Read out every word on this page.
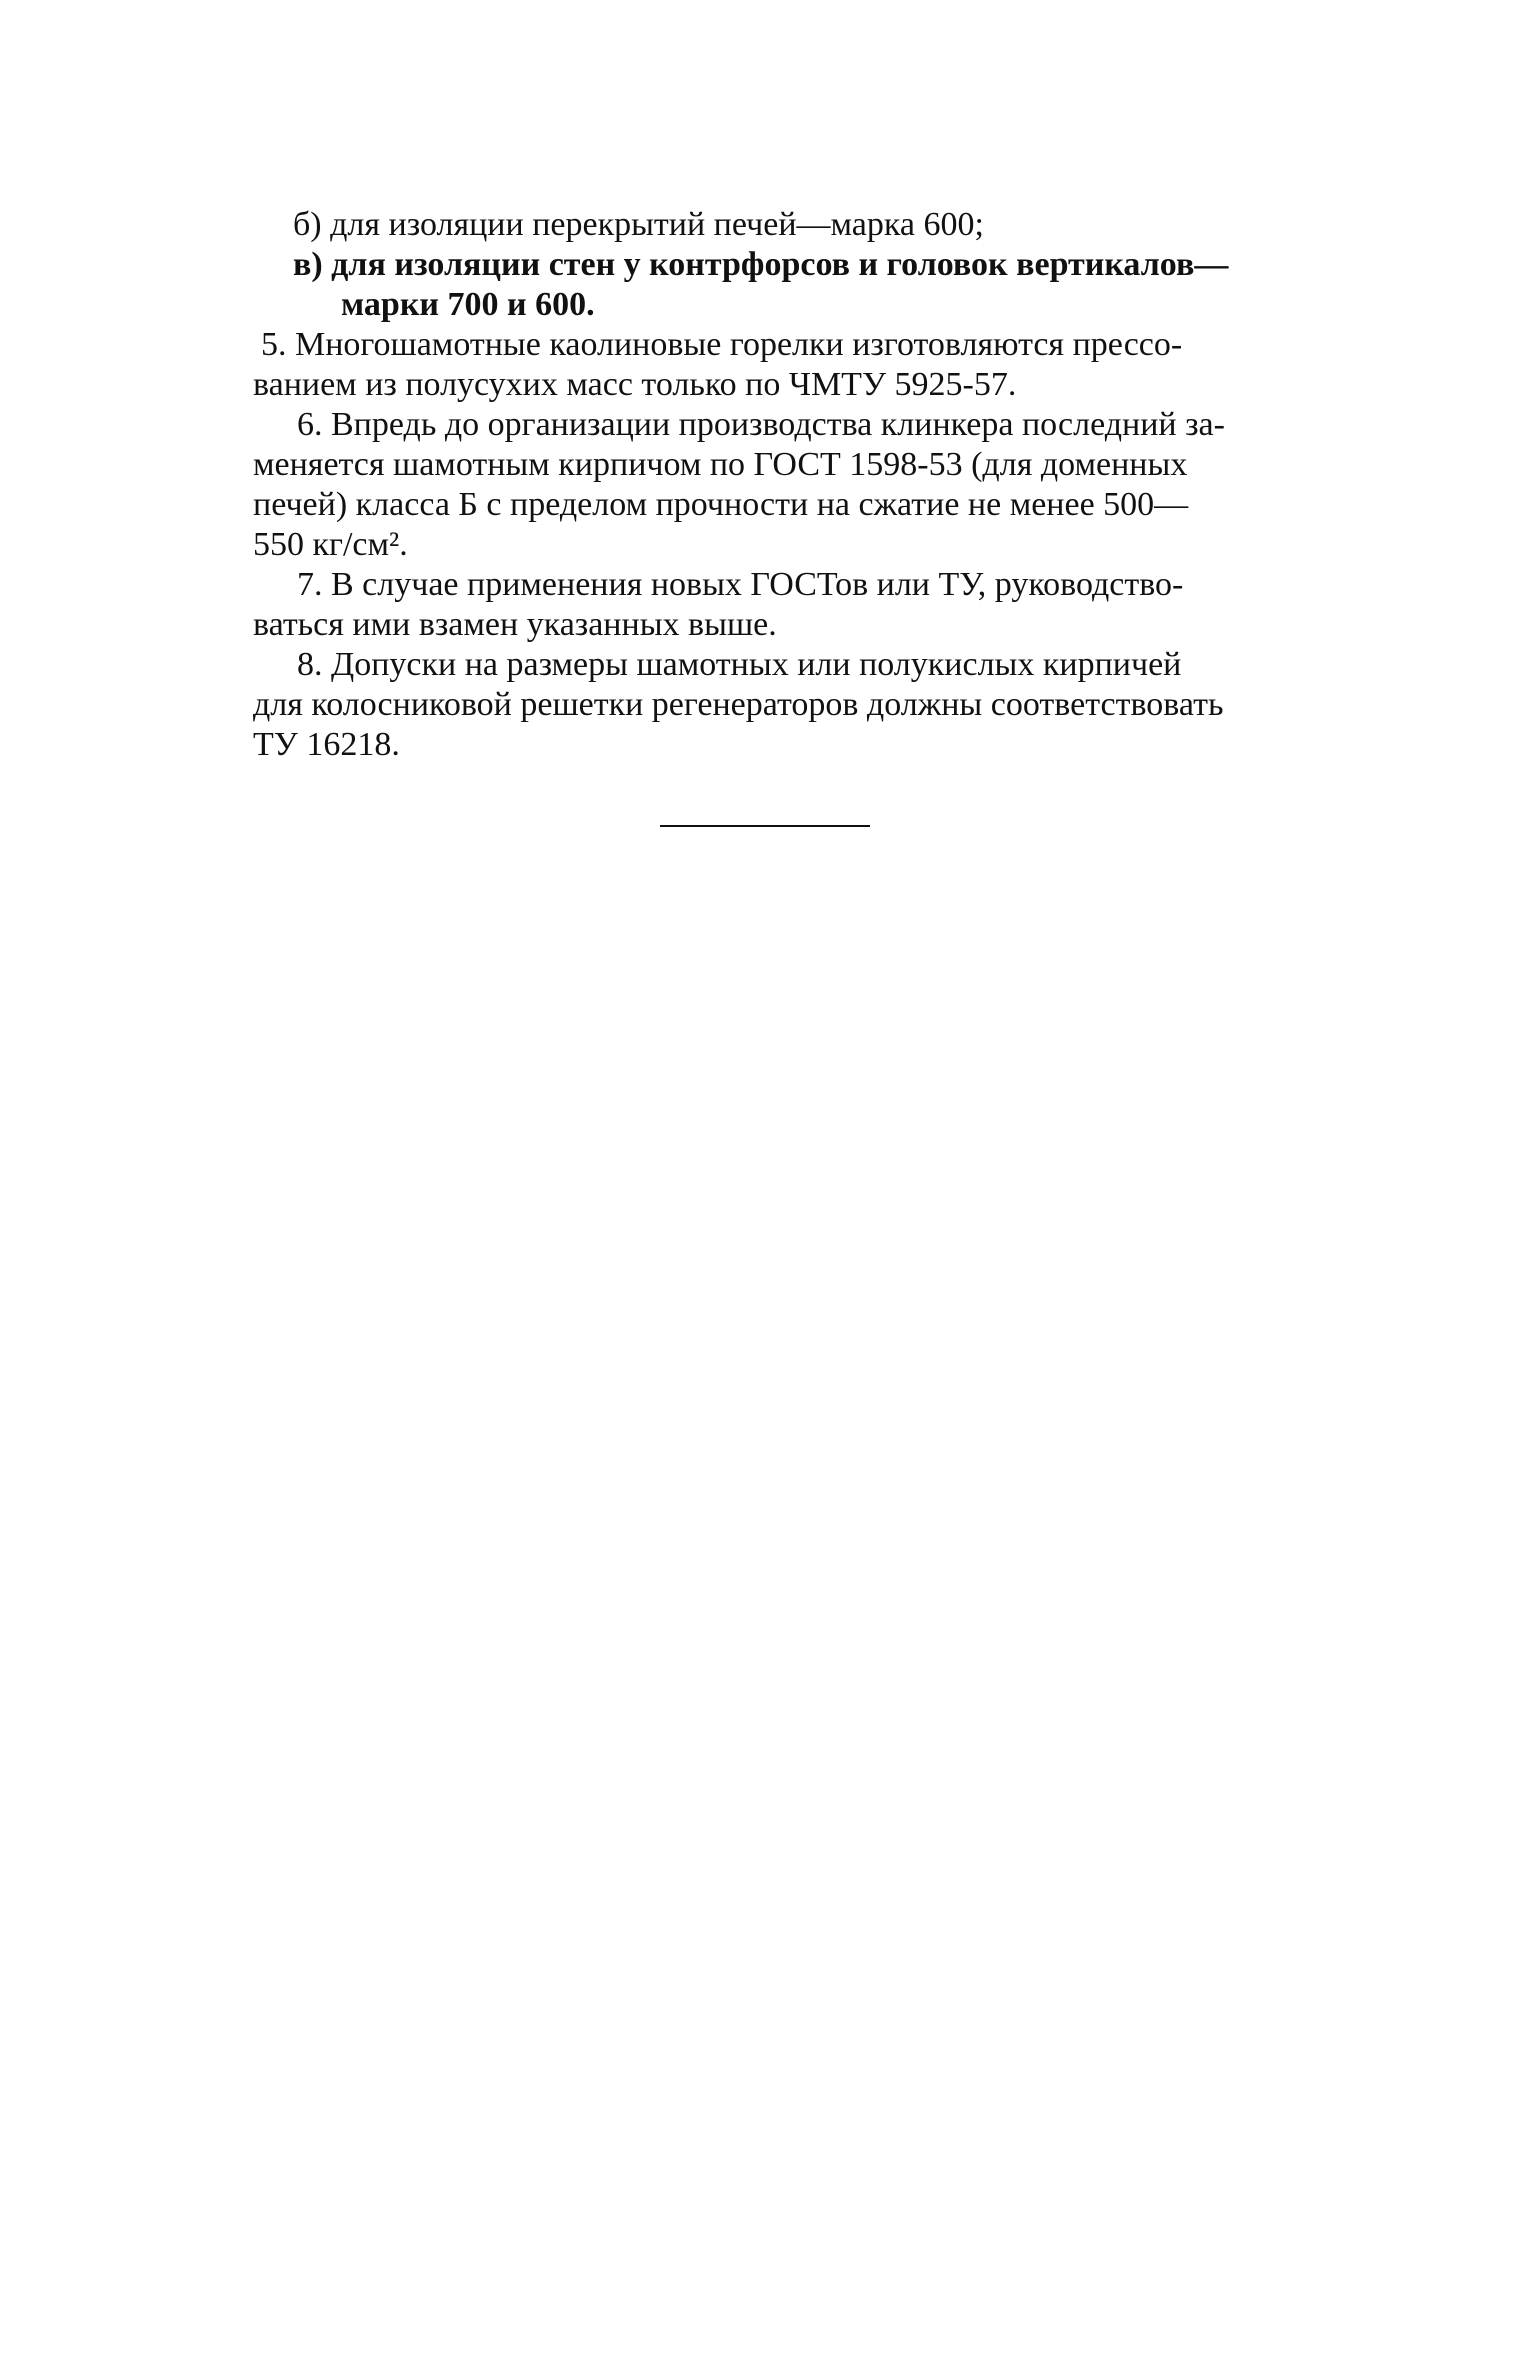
б) для изоляции перекрытий печей—марка 600;
в) для изоляции стен у контрфорсов и головок вертикалов—
марки 700 и 600.
5. Многошамотные каолиновые горелки изготовляются прессо-
ванием из полусухих масс только по ЧМТУ 5925-57.
6. Впредь до организации производства клинкера последний за-
меняется шамотным кирпичом по ГОСТ 1598-53 (для доменных
печей) класса Б с пределом прочности на сжатие не менее 500—
550 кг/см².
7. В случае применения новых ГОСТов или ТУ, руководство-
ваться ими взамен указанных выше.
8. Допуски на размеры шамотных или полукислых кирпичей
для колосниковой решетки регенераторов должны соответствовать
ТУ 16218.
